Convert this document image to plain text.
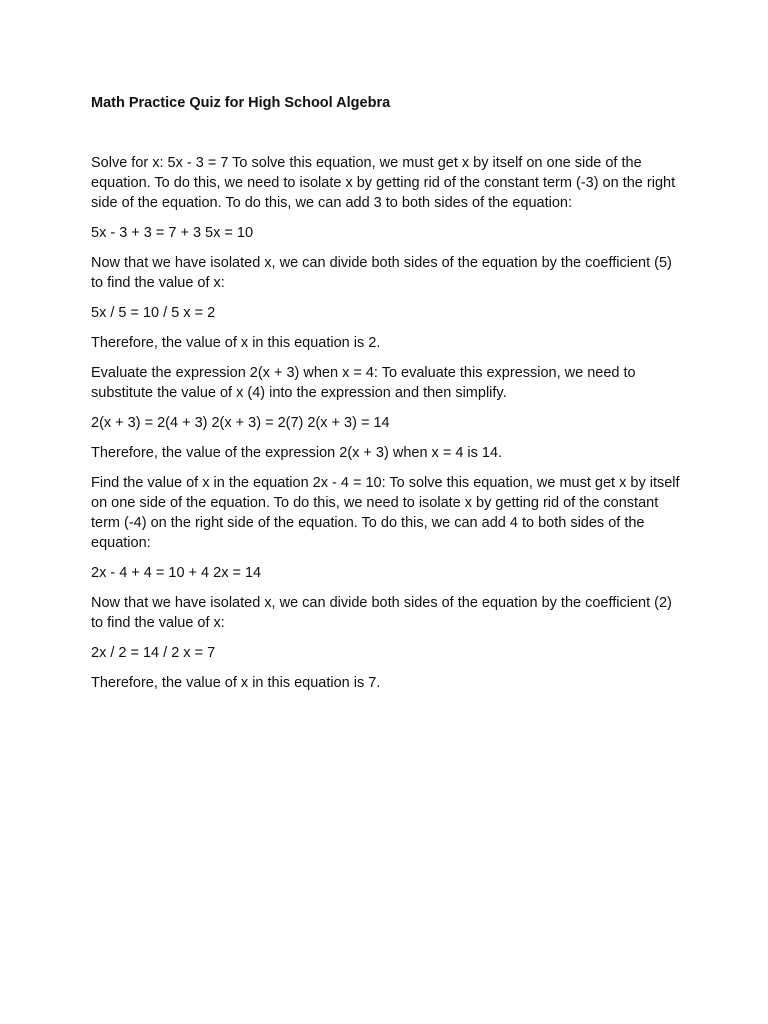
Math Practice Quiz for High School Algebra

Solve for x: 5x - 3 = 7 To solve this equation, we must get x by itself on one side of the equation. To do this, we need to isolate x by getting rid of the constant term (-3) on the right side of the equation. To do this, we can add 3 to both sides of the equation:

5x - 3 + 3 = 7 + 3 5x = 10

Now that we have isolated x, we can divide both sides of the equation by the coefficient (5) to find the value of x:

5x / 5 = 10 / 5 x = 2

Therefore, the value of x in this equation is 2.

Evaluate the expression 2(x + 3) when x = 4: To evaluate this expression, we need to substitute the value of x (4) into the expression and then simplify.

2(x + 3) = 2(4 + 3) 2(x + 3) = 2(7) 2(x + 3) = 14

Therefore, the value of the expression 2(x + 3) when x = 4 is 14.

Find the value of x in the equation 2x - 4 = 10: To solve this equation, we must get x by itself on one side of the equation. To do this, we need to isolate x by getting rid of the constant term (-4) on the right side of the equation. To do this, we can add 4 to both sides of the equation:

2x - 4 + 4 = 10 + 4 2x = 14

Now that we have isolated x, we can divide both sides of the equation by the coefficient (2) to find the value of x:

2x / 2 = 14 / 2 x = 7

Therefore, the value of x in this equation is 7.
